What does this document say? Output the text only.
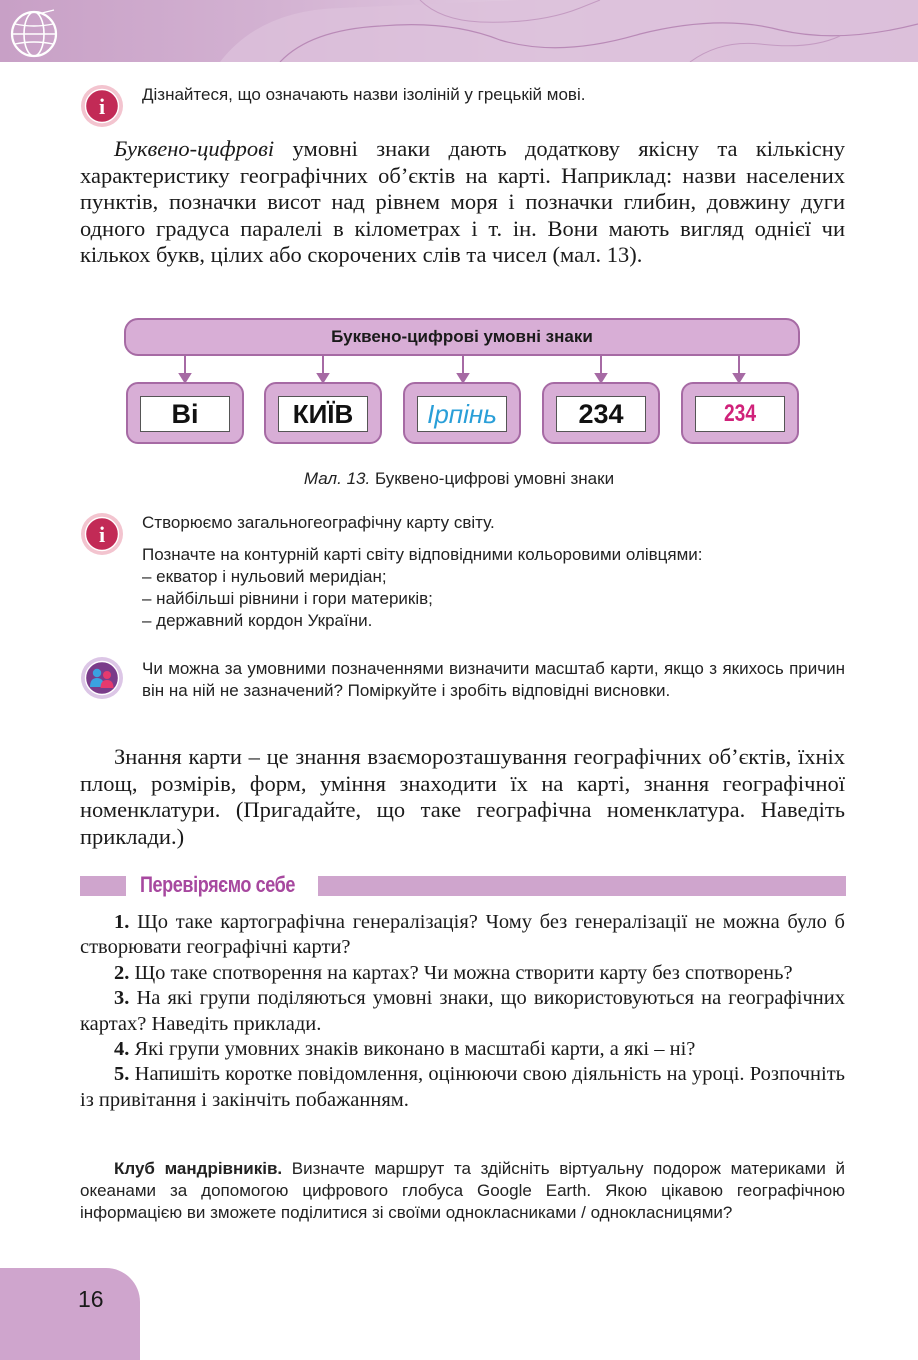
i Дізнайтеся, що означають назви ізоліній у грецькій мові.

Буквено-цифрові умовні знаки дають додаткову якісну та кількісну характеристику географічних об’єктів на карті. Наприклад: назви населених пунктів, позначки висот над рівнем моря і позначки глибин, довжину дуги одного градуса паралелі в кілометрах і т. ін. Вони мають вигляд однієї чи кількох букв, цілих або скорочених слів та чисел (мал. 13).

Буквено-цифрові умовні знаки
Bi	КИЇВ	Ірпінь	234	234
Мал. 13. Буквено-цифрові умовні знаки
i Створюємо загальногеографічну карту світу.

Позначте на контурній карті світу відповідними кольоровими олівцями:

– екватор і нульовий меридіан;

– найбільші рівнини і гори материків;

– державний кордон України.

Чи можна за умовними позначеннями визначити масштаб карти, якщо з якихось причин він на ній не зазначений? Поміркуйте і зробіть відповідні висновки.

Знання карти – це знання взаєморозташування географічних об’єктів, їхніх площ, розмірів, форм, уміння знаходити їх на карті, знання географічної номенклатури. (Пригадайте, що таке географічна номенклатура. Наведіть приклади.)

Перевіряємо себе
1. Що таке картографічна генералізація? Чому без генералізації не можна було б створювати географічні карти?
2. Що таке спотворення на картах? Чи можна створити карту без спотворень?
3. На які групи поділяються умовні знаки, що використовуються на географічних картах? Наведіть приклади.
4. Які групи умовних знаків виконано в масштабі карти, а які – ні?
5. Напишіть коротке повідомлення, оцінюючи свою діяльність на уроці. Розпочніть із привітання і закінчіть побажанням.

Клуб мандрівників. Визначте маршрут та здійсніть віртуальну подорож материками й океанами за допомогою цифрового глобуса Google Earth. Якою цікавою географічною інформацією ви зможете поділитися зі своїми однокласниками / однокласницями?

16
